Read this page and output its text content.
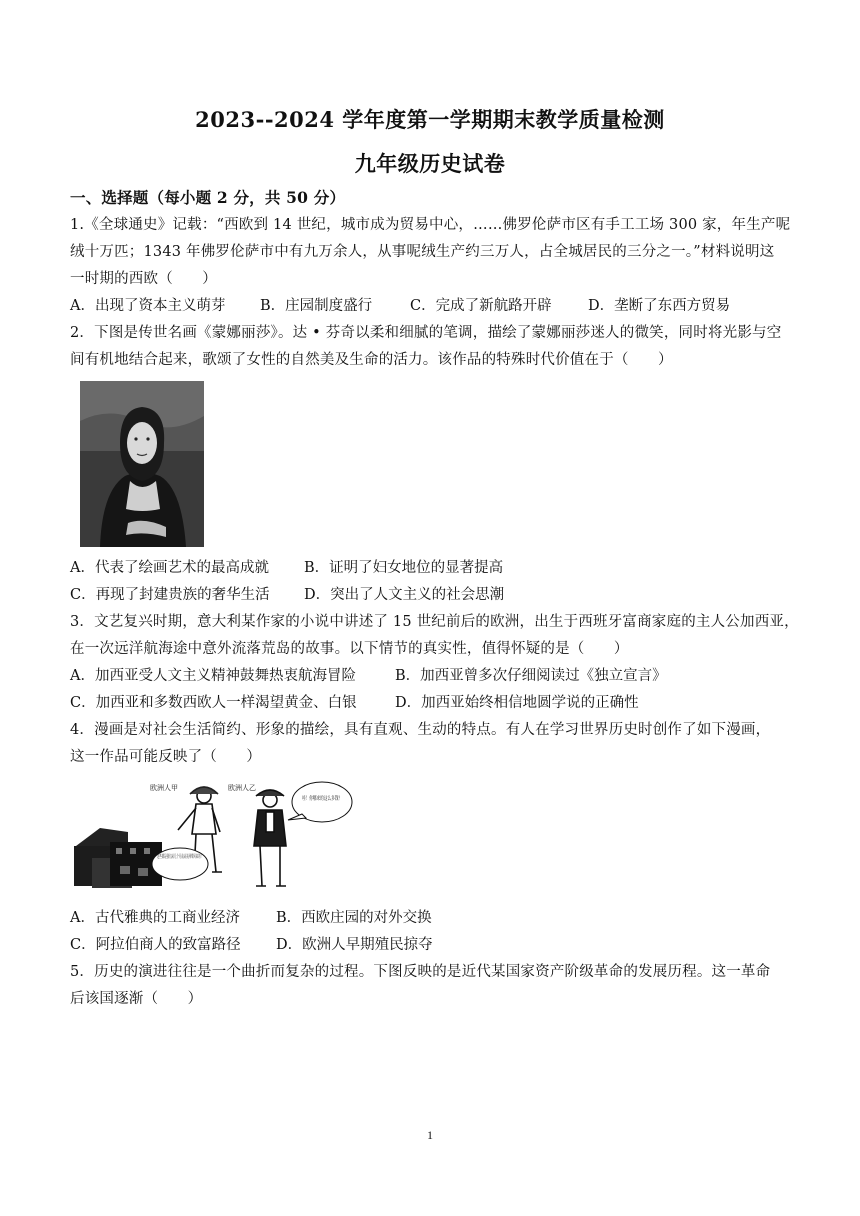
2023--2024 学年度第一学期期末教学质量检测
九年级历史试卷
一、选择题（每小题 2 分，共 50 分）
1.《全球通史》记载：“西欧到 14 世纪，城市成为贸易中心，……佛罗伦萨市区有手工工场 300 家，年生产呢
绒十万匹；1343 年佛罗伦萨市中有九万余人，从事呢绒生产约三万人，占全城居民的三分之一。”材料说明这
一时期的西欧（　　）
A．出现了资本主义萌芽 B．庄园制度盛行	C．完成了新航路开辟	D．垄断了东西方贸易
2．下图是传世名画《蒙娜丽莎》。达 • 芬奇以柔和细腻的笔调，描绘了蒙娜丽莎迷人的微笑，同时将光影与空
间有机地结合起来，歌颂了女性的自然美及生命的活力。该作品的特殊时代价值在于（　　）
A．代表了绘画艺术的最高成就 B．证明了妇女地位的显著提高
C．再现了封建贵族的奢华生活 D．突出了人文主义的社会思潮
3．文艺复兴时期，意大利某作家的小说中讲述了 15 世纪前后的欧洲，出生于西班牙富商家庭的主人公加西亚，
在一次远洋航海途中意外流落荒岛的故事。以下情节的真实性，值得怀疑的是（　　）
A．加西亚受人文主义精神鼓舞热衷航海冒险	B．加西亚曾多次仔细阅读过《独立宣言》
C．加西亚和多数西欧人一样渴望黄金、白银	D．加西亚始终相信地圆学说的正确性
4．漫画是对社会生活简约、形象的描绘，具有直观、生动的特点。有人在学习世界历史时创作了如下漫画，
这一作品可能反映了（　　）
欧洲人甲	欧洲人乙
哇！你哪来的这么多钱？
A．古代雅典的工商业经济 B．西欧庄园的对外交换
C．阿拉伯商人的致富路径 D．欧洲人早期殖民掠夺
5．历史的演进往往是一个曲折而复杂的过程。下图反映的是近代某国家资产阶级革命的发展历程。这一革命
后该国逐渐（　　）
1
